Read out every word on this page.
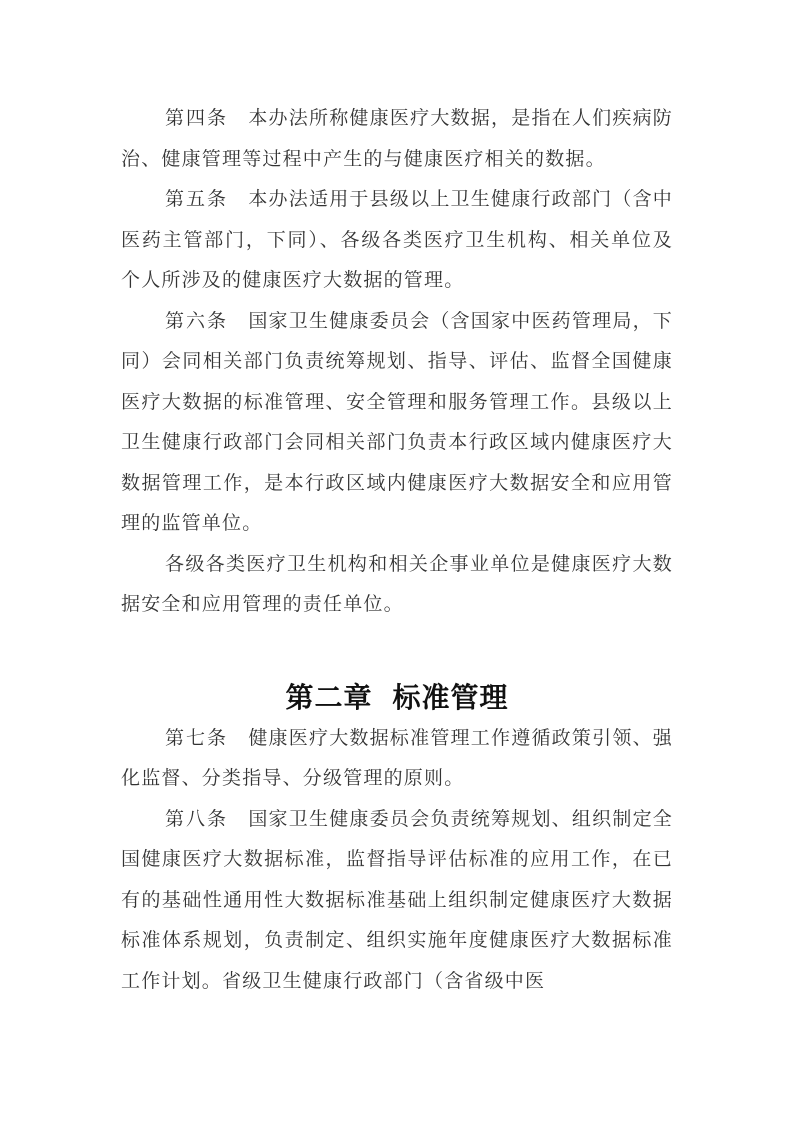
第四条　 本办法所称健康医疗大数据，是指在人们疾病防治、健康管理等过程中产生的与健康医疗相关的数据。

第五条　 本办法适用于县级以上卫生健康行政部门（含中医药主管部门，下同）、各级各类医疗卫生机构、相关单位及个人所涉及的健康医疗大数据的管理。

第六条　 国家卫生健康委员会（含国家中医药管理局，下同）会同相关部门负责统筹规划、指导、评估、监督全国健康医疗大数据的标准管理、安全管理和服务管理工作。县级以上卫生健康行政部门会同相关部门负责本行政区域内健康医疗大数据管理工作，是本行政区域内健康医疗大数据安全和应用管理的监管单位。

各级各类医疗卫生机构和相关企事业单位是健康医疗大数据安全和应用管理的责任单位。

第二章 标准管理

第七条　 健康医疗大数据标准管理工作遵循政策引领、强化监督、分类指导、分级管理的原则。

第八条　 国家卫生健康委员会负责统筹规划、组织制定全国健康医疗大数据标准，监督指导评估标准的应用工作，在已有的基础性通用性大数据标准基础上组织制定健康医疗大数据标准体系规划，负责制定、组织实施年度健康医疗大数据标准工作计划。省级卫生健康行政部门（含省级中医
